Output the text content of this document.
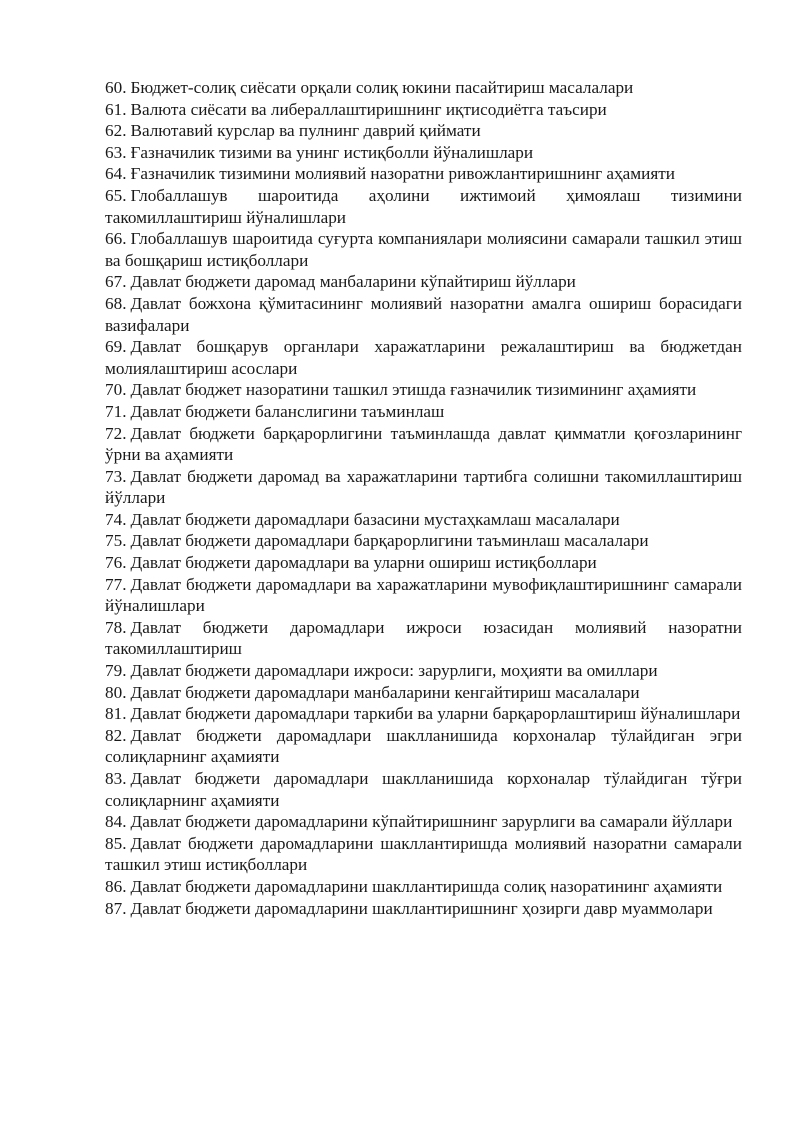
60. Бюджет-солиқ сиёсати орқали солиқ юкини пасайтириш масалалари
61. Валюта сиёсати ва либераллаштиришнинг иқтисодиётга таъсири
62. Валютавий курслар ва пулнинг даврий қиймати
63. Ғазначилик тизими ва унинг истиқболли йўналишлари
64. Ғазначилик тизимини молиявий назоратни ривожлантиришнинг аҳамияти
65. Глобаллашув шароитида аҳолини ижтимоий ҳимоялаш тизимини такомиллаштириш йўналишлари
66. Глобаллашув шароитида суғурта компаниялари молиясини самарали ташкил этиш ва бошқариш истиқболлари
67. Давлат бюджети даромад манбаларини кўпайтириш йўллари
68. Давлат божхона қўмитасининг молиявий назоратни амалга ошириш борасидаги вазифалари
69. Давлат бошқарув органлари харажатларини режалаштириш ва бюджетдан молиялаштириш асослари
70. Давлат бюджет назоратини ташкил этишда ғазначилик тизимининг аҳамияти
71. Давлат бюджети баланслигини таъминлаш
72. Давлат бюджети барқарорлигини таъминлашда давлат қимматли қоғозларининг ўрни ва аҳамияти
73. Давлат бюджети даромад ва харажатларини тартибга солишни такомиллаштириш йўллари
74. Давлат бюджети даромадлари базасини мустаҳкамлаш масалалари
75. Давлат бюджети даромадлари барқарорлигини таъминлаш масалалари
76. Давлат бюджети даромадлари ва уларни ошириш истиқболлари
77. Давлат бюджети даромадлари ва харажатларини мувофиқлаштиришнинг самарали йўналишлари
78. Давлат бюджети даромадлари ижроси юзасидан молиявий назоратни такомиллаштириш
79. Давлат бюджети даромадлари ижроси: зарурлиги, моҳияти ва омиллари
80. Давлат бюджети даромадлари манбаларини кенгайтириш масалалари
81. Давлат бюджети даромадлари таркиби ва уларни барқарорлаштириш йўналишлари
82. Давлат бюджети даромадлари шаклланишида корхоналар тўлайдиган эгри солиқларнинг аҳамияти
83. Давлат бюджети даромадлари шаклланишида корхоналар тўлайдиган тўғри солиқларнинг аҳамияти
84. Давлат бюджети даромадларини кўпайтиришнинг зарурлиги ва самарали йўллари
85. Давлат бюджети даромадларини шакллантиришда молиявий назоратни самарали ташкил этиш истиқболлари
86. Давлат бюджети даромадларини шакллантиришда солиқ назоратининг аҳамияти
87. Давлат бюджети даромадларини шакллантиришнинг ҳозирги давр муаммолари
